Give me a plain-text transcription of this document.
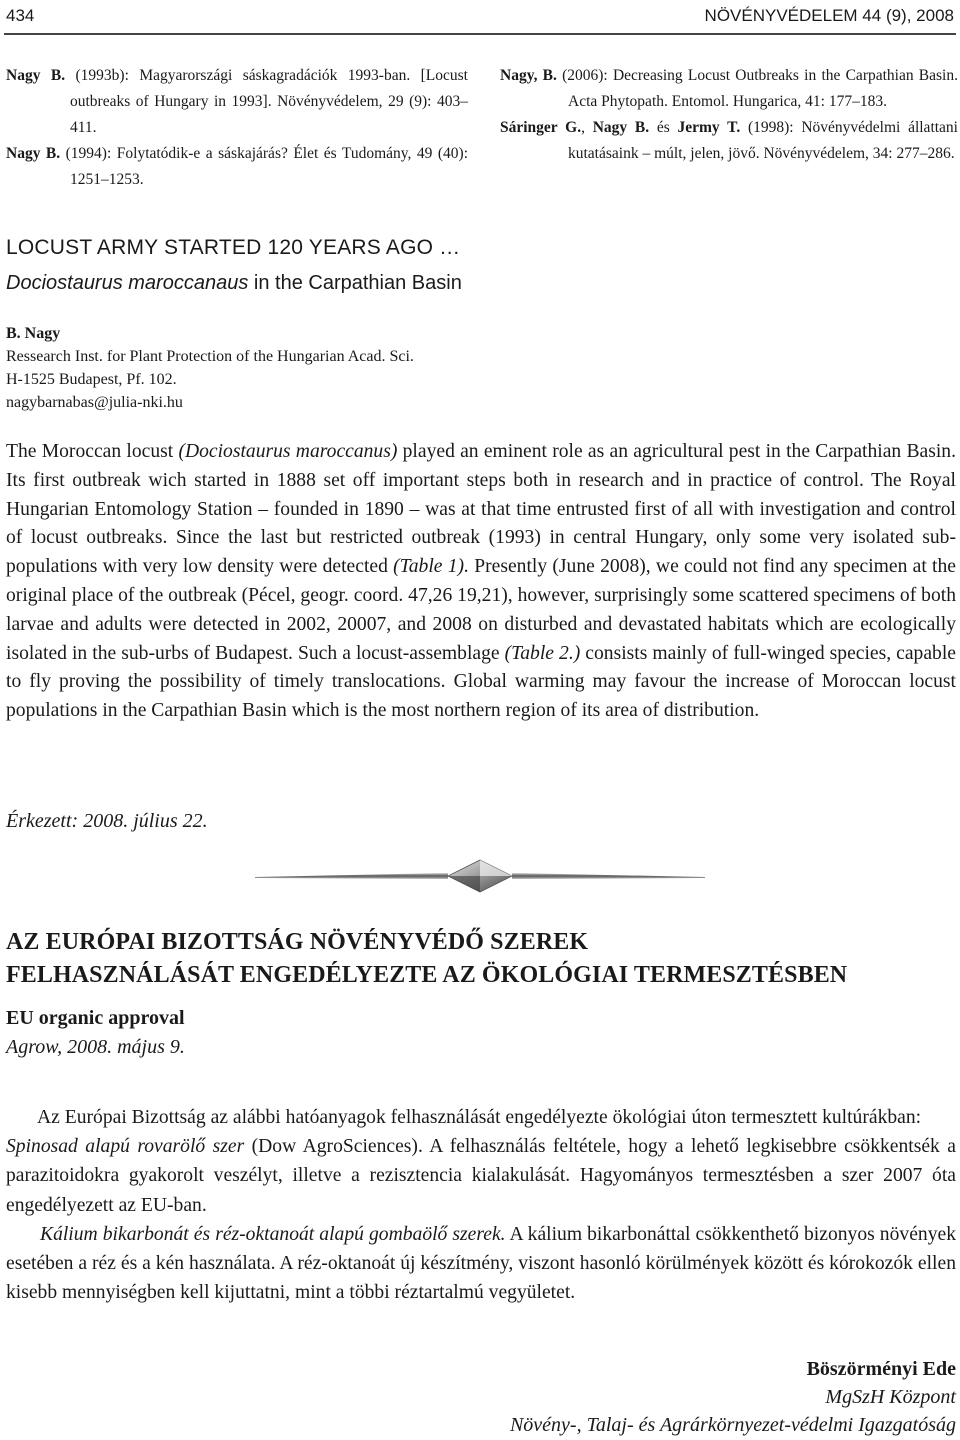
434	NÖVÉNYVÉDELEM 44 (9), 2008

Nagy B. (1993b): Magyarországi sáskagradációk 1993-ban. [Locust outbreaks of Hungary in 1993]. Növényvédelem, 29 (9): 403–411.

Nagy B. (1994): Folytatódik-e a sáskajárás? Élet és Tudomány, 49 (40): 1251–1253.

Nagy, B. (2006): Decreasing Locust Outbreaks in the Carpathian Basin. Acta Phytopath. Entomol. Hungarica, 41: 177–183.

Sáringer G., Nagy B. és Jermy T. (1998): Növényvédelmi állattani kutatásaink – múlt, jelen, jövő. Növényvédelem, 34: 277–286.

LOCUST ARMY STARTED 120 YEARS AGO …
Dociostaurus maroccanaus in the Carpathian Basin
B. Nagy
Ressearch Inst. for Plant Protection of the Hungarian Acad. Sci.
H-1525 Budapest, Pf. 102.
nagybarnabas@julia-nki.hu

The Moroccan locust (Dociostaurus maroccanus) played an eminent role as an agricultural pest in the Carpathian Basin. Its first outbreak wich started in 1888 set off important steps both in research and in practice of control. The Royal Hungarian Entomology Station – founded in 1890 – was at that time entrusted first of all with investigation and control of locust outbreaks. Since the last but restricted outbreak (1993) in central Hungary, only some very isolated sub-populations with very low density were detected (Table 1). Presently (June 2008), we could not find any specimen at the original place of the outbreak (Pécel, geogr. coord. 47,26 19,21), however, surprisingly some scattered specimens of both larvae and adults were detected in 2002, 20007, and 2008 on disturbed and devastated habitats which are ecologically isolated in the sub-urbs of Budapest. Such a locust-assemblage (Table 2.) consists mainly of full-winged species, capable to fly proving the possibility of timely translocations. Global warming may favour the increase of Moroccan locust populations in the Carpathian Basin which is the most northern region of its area of distribution.

Érkezett: 2008. július 22.
AZ EURÓPAI BIZOTTSÁG NÖVÉNYVÉDŐ SZEREK
FELHASZNÁLÁSÁT ENGEDÉLYEZTE AZ ÖKOLÓGIAI TERMESZTÉSBEN
EU organic approval
Agrow, 2008. május 9.

Az Európai Bizottság az alábbi hatóanyagok felhasználását engedélyezte ökológiai úton termesztett kultúrákban:

Spinosad alapú rovarölő szer (Dow AgroSciences). A felhasználás feltétele, hogy a lehető legkisebbre csökkentsék a parazitoidokra gyakorolt veszélyt, illetve a rezisztencia kialakulását. Hagyományos termesztésben a szer 2007 óta engedélyezett az EU-ban.

Kálium bikarbonát és réz-oktanoát alapú gombaölő szerek. A kálium bikarbonáttal csökkenthető bizonyos növények esetében a réz és a kén használata. A réz-oktanoát új készítmény, viszont hasonló körülmények között és kórokozók ellen kisebb mennyiségben kell kijuttatni, mint a többi réztartalmú vegyületet.

Böszörményi Ede
MgSzH Központ
Növény-, Talaj- és Agrárkörnyezet-védelmi Igazgatóság
